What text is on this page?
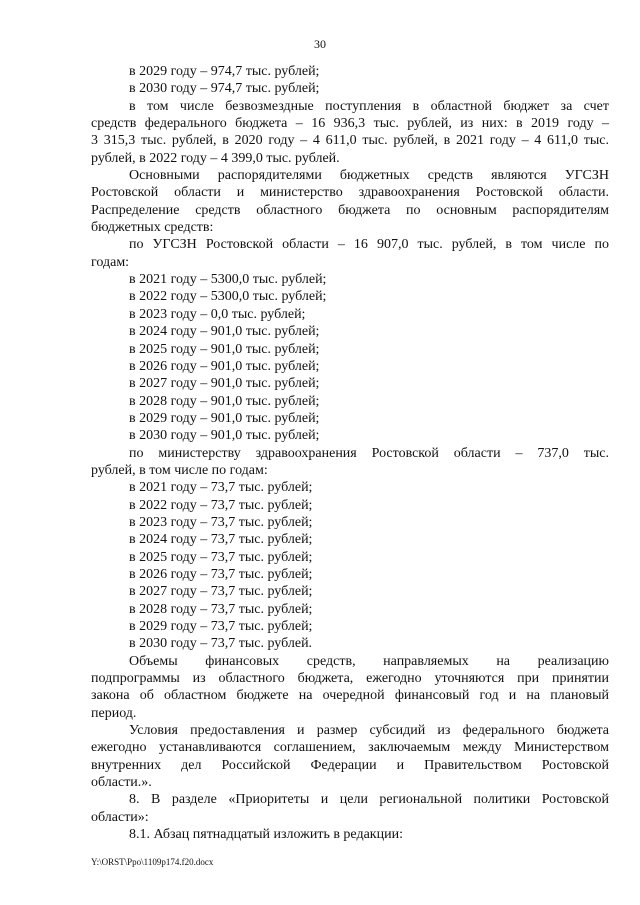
30
в 2029 году – 974,7 тыс. рублей;
в 2030 году – 974,7 тыс. рублей;
в том числе безвозмездные поступления в областной бюджет за счет
средств федерального бюджета – 16 936,3 тыс. рублей, из них: в 2019 году –
3 315,3 тыс. рублей, в 2020 году – 4 611,0 тыс. рублей, в 2021 году – 4 611,0 тыс.
рублей, в 2022 году – 4 399,0 тыс. рублей.
Основными распорядителями бюджетных средств являются УГСЗН
Ростовской области и министерство здравоохранения Ростовской области.
Распределение средств областного бюджета по основным распорядителям
бюджетных средств:
по УГСЗН Ростовской области – 16 907,0 тыс. рублей, в том числе по
годам:
в 2021 году – 5300,0 тыс. рублей;
в 2022 году – 5300,0 тыс. рублей;
в 2023 году – 0,0 тыс. рублей;
в 2024 году – 901,0 тыс. рублей;
в 2025 году – 901,0 тыс. рублей;
в 2026 году – 901,0 тыс. рублей;
в 2027 году – 901,0 тыс. рублей;
в 2028 году – 901,0 тыс. рублей;
в 2029 году – 901,0 тыс. рублей;
в 2030 году – 901,0 тыс. рублей;
по министерству здравоохранения Ростовской области – 737,0 тыс.
рублей, в том числе по годам:
в 2021 году – 73,7 тыс. рублей;
в 2022 году – 73,7 тыс. рублей;
в 2023 году – 73,7 тыс. рублей;
в 2024 году – 73,7 тыс. рублей;
в 2025 году – 73,7 тыс. рублей;
в 2026 году – 73,7 тыс. рублей;
в 2027 году – 73,7 тыс. рублей;
в 2028 году – 73,7 тыс. рублей;
в 2029 году – 73,7 тыс. рублей;
в 2030 году – 73,7 тыс. рублей.
Объемы финансовых средств, направляемых на реализацию
подпрограммы из областного бюджета, ежегодно уточняются при принятии
закона об областном бюджете на очередной финансовый год и на плановый
период.
Условия предоставления и размер субсидий из федерального бюджета
ежегодно устанавливаются соглашением, заключаемым между Министерством
внутренних дел Российской Федерации и Правительством Ростовской
области.».
8. В разделе «Приоритеты и цели региональной политики Ростовской
области»:
8.1. Абзац пятнадцатый изложить в редакции:
Y:\ORST\Ppo\1109p174.f20.docx
